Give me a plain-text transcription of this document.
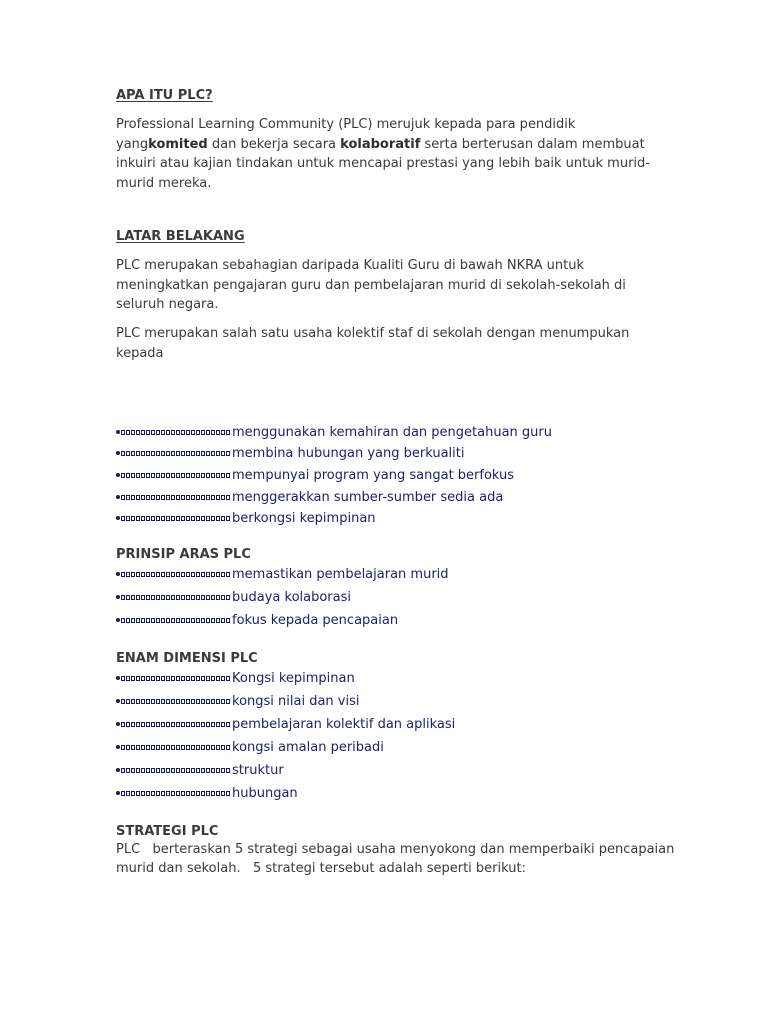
APA ITU PLC?
Professional Learning Community (PLC) merujuk kepada para pendidik yangkomited dan bekerja secara kolaboratif serta berterusan dalam membuat inkuiri atau kajian tindakan untuk mencapai prestasi yang lebih baik untuk murid-murid mereka.
LATAR BELAKANG
PLC merupakan sebahagian daripada Kualiti Guru di bawah NKRA untuk meningkatkan pengajaran guru dan pembelajaran murid di sekolah-sekolah di seluruh negara.
PLC merupakan salah satu usaha kolektif staf di sekolah dengan menumpukan kepada
menggunakan kemahiran dan pengetahuan guru
membina hubungan yang berkualiti
mempunyai program yang sangat berfokus
menggerakkan sumber-sumber sedia ada
berkongsi kepimpinan
PRINSIP ARAS PLC
memastikan pembelajaran murid
budaya kolaborasi
fokus kepada pencapaian
ENAM DIMENSI PLC
Kongsi kepimpinan
kongsi nilai dan visi
pembelajaran kolektif dan aplikasi
kongsi amalan peribadi
struktur
hubungan
STRATEGI PLC
PLC   berteraskan 5 strategi sebagai usaha menyokong dan memperbaiki pencapaian
murid dan sekolah.   5 strategi tersebut adalah seperti berikut:
